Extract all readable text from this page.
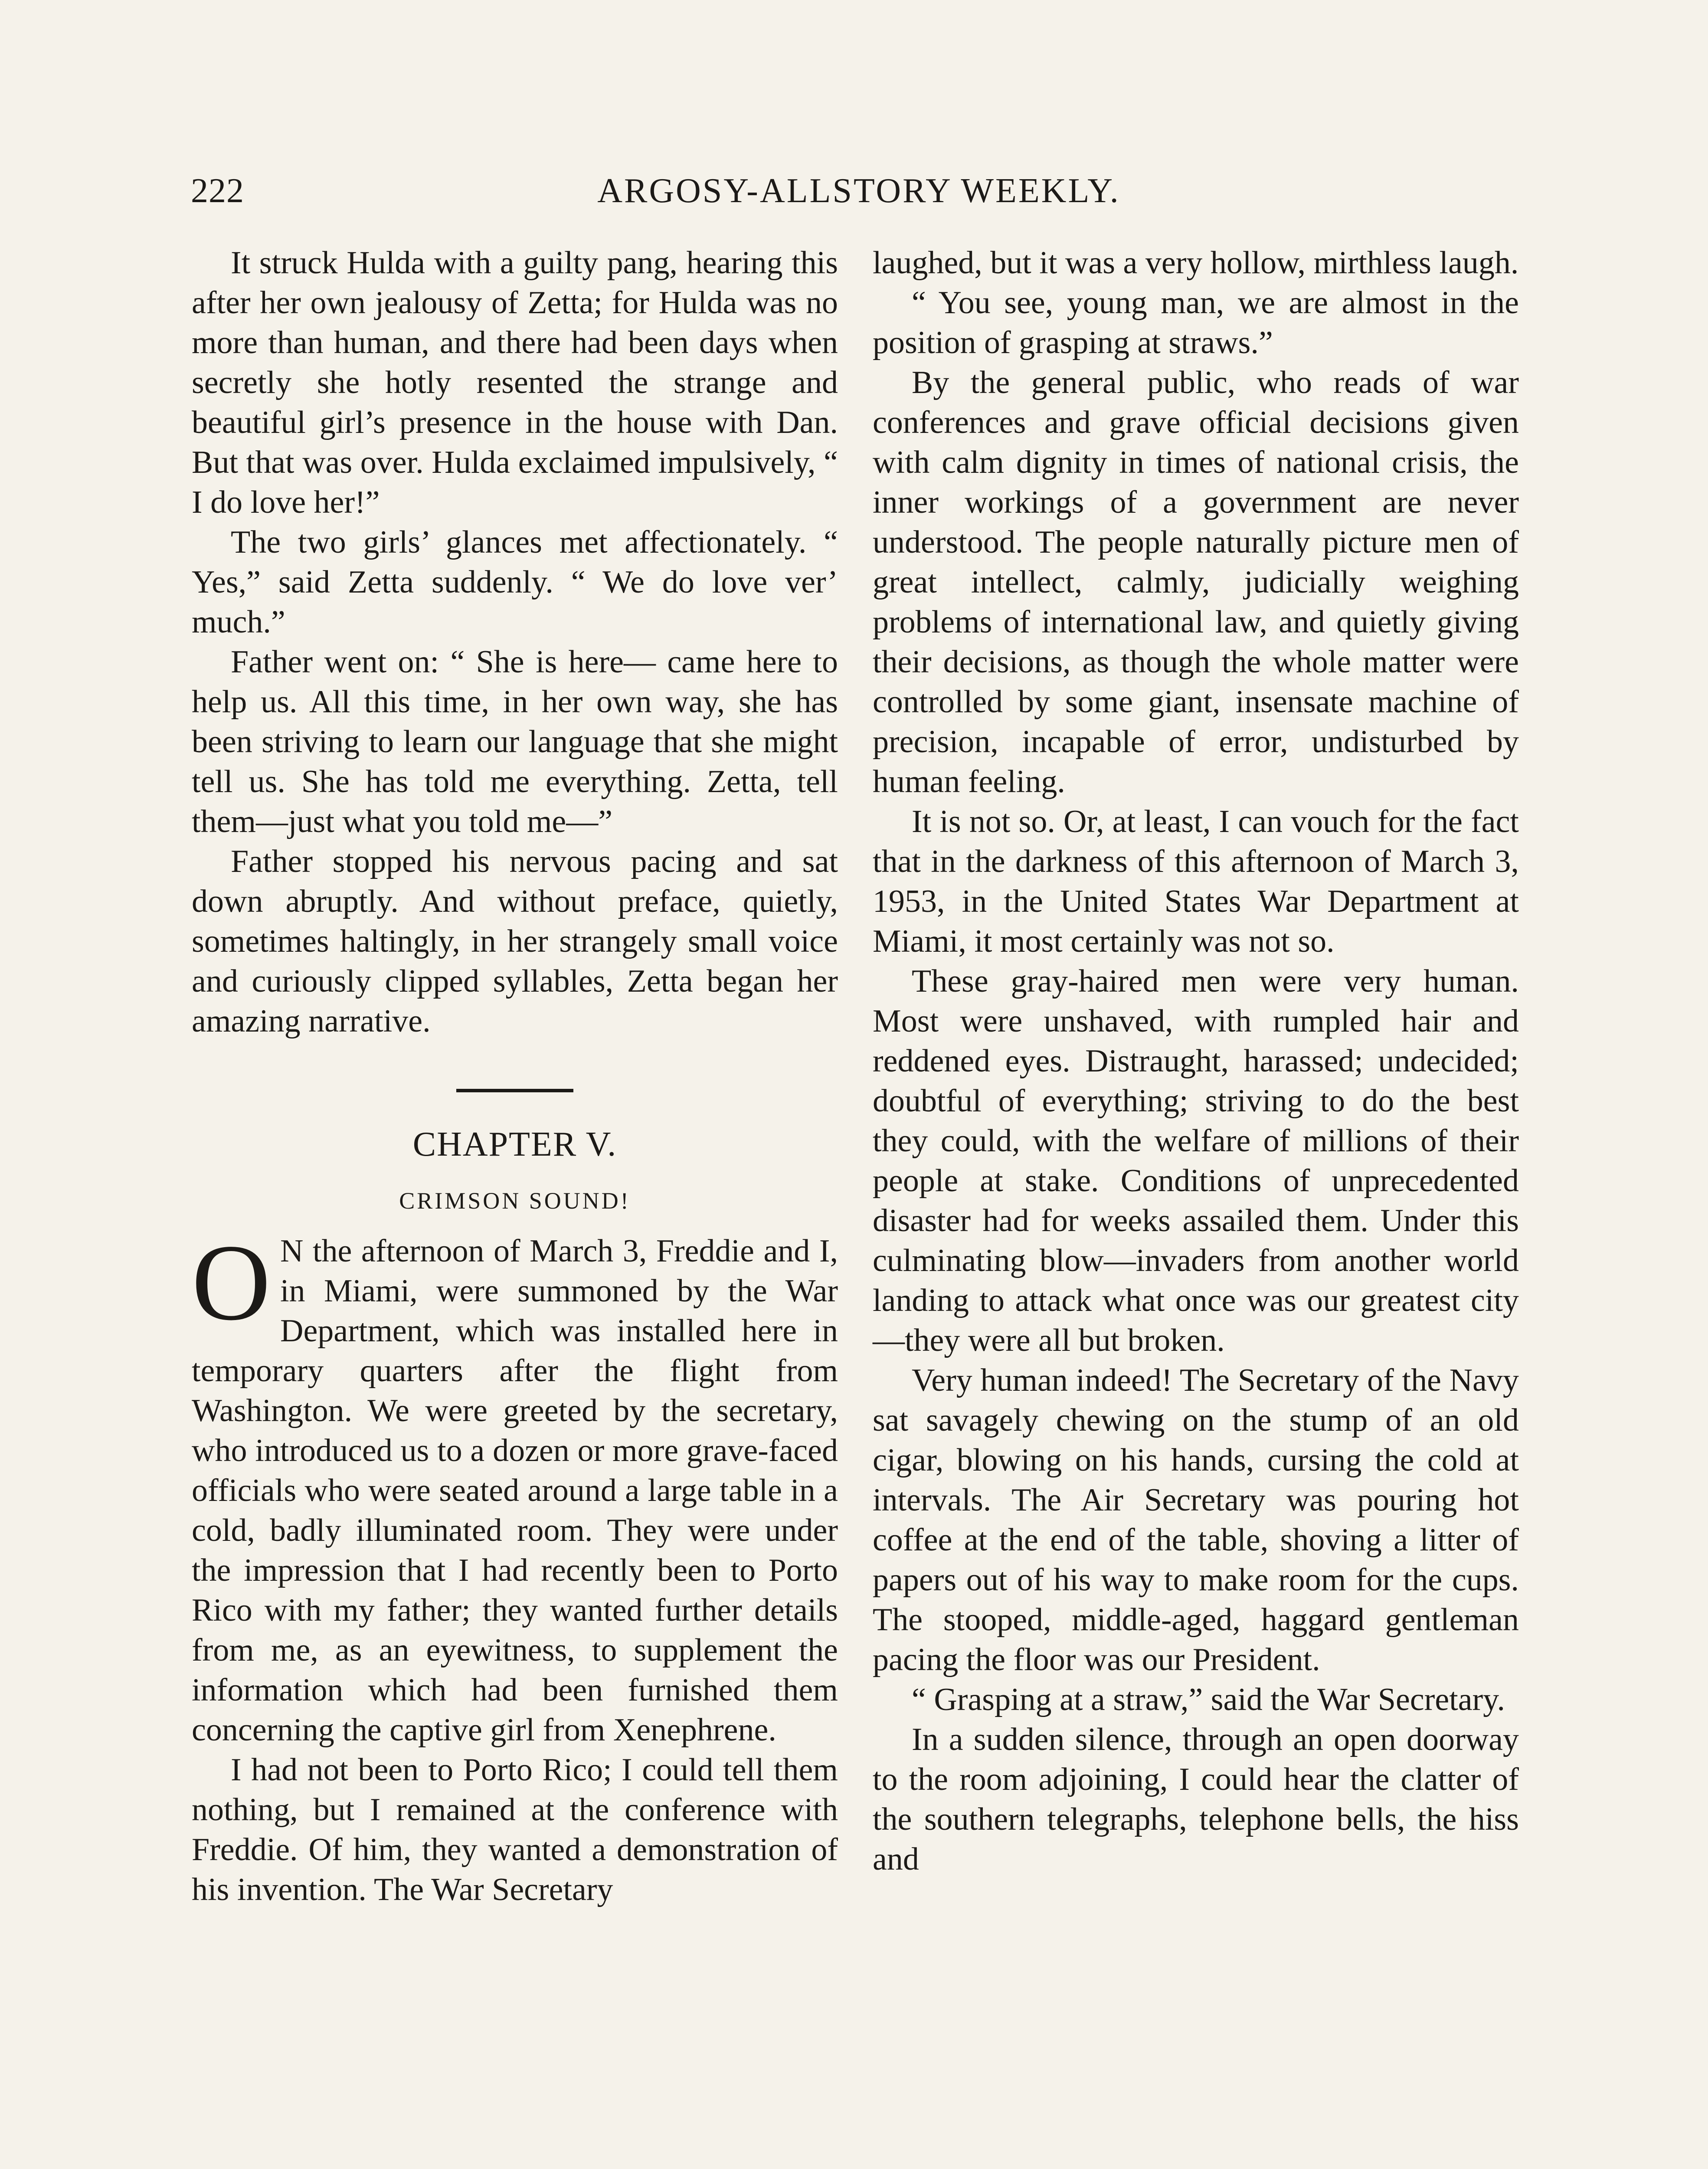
222	ARGOSY-ALLSTORY WEEKLY.

It struck Hulda with a guilty pang, hearing this after her own jealousy of Zetta; for Hulda was no more than human, and there had been days when secretly she hotly resented the strange and beautiful girl’s presence in the house with Dan. But that was over. Hulda exclaimed impulsively, “ I do love her!”

The two girls’ glances met affectionately. “ Yes,” said Zetta suddenly. “ We do love ver’ much.”

Father went on: “ She is here— came here to help us. All this time, in her own way, she has been striving to learn our language that she might tell us. She has told me everything. Zetta, tell them—just what you told me—”

Father stopped his nervous pacing and sat down abruptly. And without preface, quietly, sometimes haltingly, in her strangely small voice and curiously clipped syllables, Zetta began her amazing narrative.

CHAPTER V.
CRIMSON SOUND!

O N the afternoon of March 3, Freddie and I, in Miami, were summoned by the War Department, which was installed here in temporary quarters after the flight from Washington. We were greeted by the secretary, who introduced us to a dozen or more grave-faced officials who were seated around a large table in a cold, badly illuminated room. They were under the impression that I had recently been to Porto Rico with my father; they wanted further details from me, as an eyewitness, to supplement the information which had been furnished them concerning the captive girl from Xenephrene.

I had not been to Porto Rico; I could tell them nothing, but I remained at the conference with Freddie. Of him, they wanted a demonstration of his invention. The War Secretary

laughed, but it was a very hollow, mirthless laugh.

“ You see, young man, we are almost in the position of grasping at straws.”

By the general public, who reads of war conferences and grave official decisions given with calm dignity in times of national crisis, the inner workings of a government are never understood. The people naturally picture men of great intellect, calmly, judicially weighing problems of international law, and quietly giving their decisions, as though the whole matter were controlled by some giant, insensate machine of precision, incapable of error, undisturbed by human feeling.

It is not so. Or, at least, I can vouch for the fact that in the darkness of this afternoon of March 3, 1953, in the United States War Department at Miami, it most certainly was not so.

These gray-haired men were very human. Most were unshaved, with rumpled hair and reddened eyes. Distraught, harassed; undecided; doubtful of everything; striving to do the best they could, with the welfare of millions of their people at stake. Conditions of unprecedented disaster had for weeks assailed them. Under this culminating blow—invaders from another world landing to attack what once was our greatest city—they were all but broken.

Very human indeed! The Secretary of the Navy sat savagely chewing on the stump of an old cigar, blowing on his hands, cursing the cold at intervals. The Air Secretary was pouring hot coffee at the end of the table, shoving a litter of papers out of his way to make room for the cups. The stooped, middle-aged, haggard gentleman pacing the floor was our President.

“ Grasping at a straw,” said the War Secretary.

In a sudden silence, through an open doorway to the room adjoining, I could hear the clatter of the southern telegraphs, telephone bells, the hiss and
